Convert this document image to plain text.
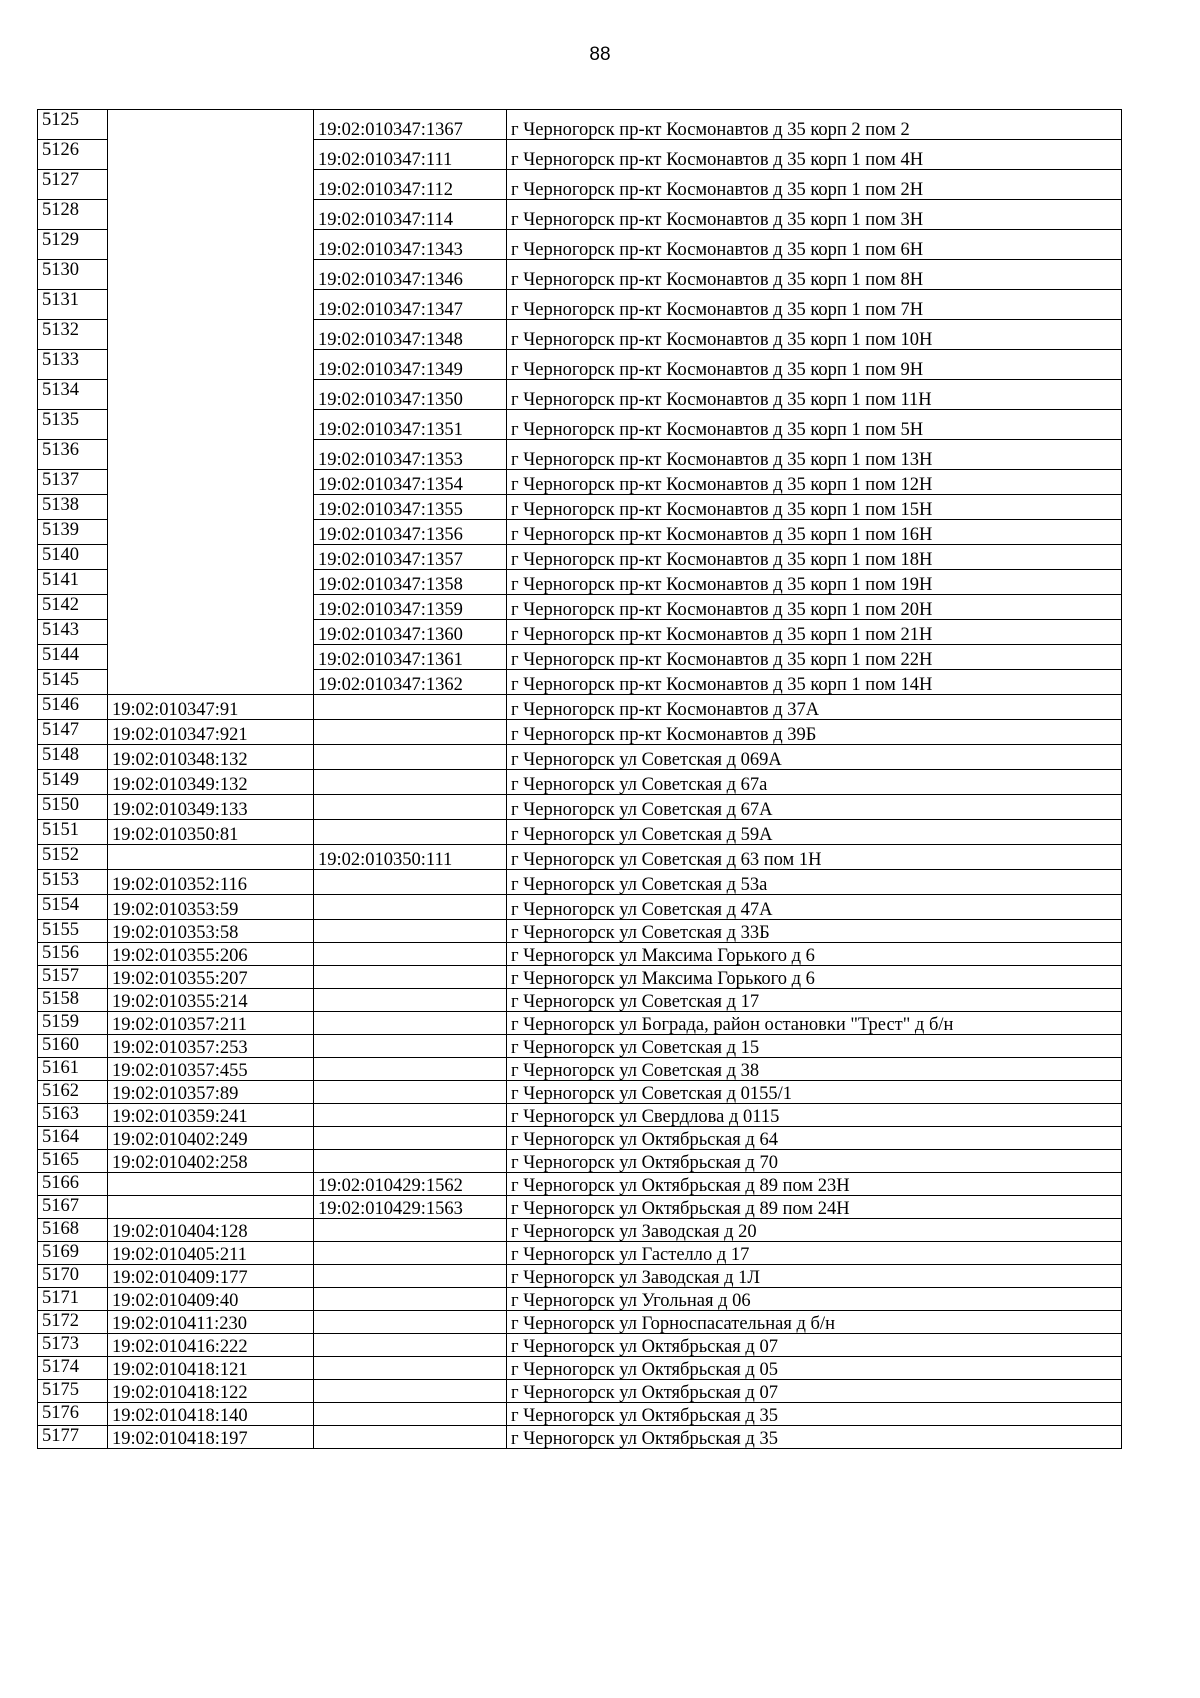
88
5125		19:02:010347:1367	г Черногорск пр-кт Космонавтов д 35 корп 2 пом 2
5126		19:02:010347:111	г Черногорск пр-кт Космонавтов д 35 корп 1 пом 4Н
5127		19:02:010347:112	г Черногорск пр-кт Космонавтов д 35 корп 1 пом 2Н
5128		19:02:010347:114	г Черногорск пр-кт Космонавтов д 35 корп 1 пом 3Н
5129		19:02:010347:1343	г Черногорск пр-кт Космонавтов д 35 корп 1 пом 6Н
5130		19:02:010347:1346	г Черногорск пр-кт Космонавтов д 35 корп 1 пом 8Н
5131		19:02:010347:1347	г Черногорск пр-кт Космонавтов д 35 корп 1 пом 7Н
5132		19:02:010347:1348	г Черногорск пр-кт Космонавтов д 35 корп 1 пом 10Н
5133		19:02:010347:1349	г Черногорск пр-кт Космонавтов д 35 корп 1 пом 9Н
5134		19:02:010347:1350	г Черногорск пр-кт Космонавтов д 35 корп 1 пом 11Н
5135		19:02:010347:1351	г Черногорск пр-кт Космонавтов д 35 корп 1 пом 5Н
5136		19:02:010347:1353	г Черногорск пр-кт Космонавтов д 35 корп 1 пом 13Н
5137		19:02:010347:1354	г Черногорск пр-кт Космонавтов д 35 корп 1 пом 12Н
5138		19:02:010347:1355	г Черногорск пр-кт Космонавтов д 35 корп 1 пом 15Н
5139		19:02:010347:1356	г Черногорск пр-кт Космонавтов д 35 корп 1 пом 16Н
5140		19:02:010347:1357	г Черногорск пр-кт Космонавтов д 35 корп 1 пом 18Н
5141		19:02:010347:1358	г Черногорск пр-кт Космонавтов д 35 корп 1 пом 19Н
5142		19:02:010347:1359	г Черногорск пр-кт Космонавтов д 35 корп 1 пом 20Н
5143		19:02:010347:1360	г Черногорск пр-кт Космонавтов д 35 корп 1 пом 21Н
5144		19:02:010347:1361	г Черногорск пр-кт Космонавтов д 35 корп 1 пом 22Н
5145		19:02:010347:1362	г Черногорск пр-кт Космонавтов д 35 корп 1 пом 14Н
5146	19:02:010347:91		г Черногорск пр-кт Космонавтов д 37А
5147	19:02:010347:921		г Черногорск пр-кт Космонавтов д 39Б
5148	19:02:010348:132		г Черногорск ул Советская д 069А
5149	19:02:010349:132		г Черногорск ул Советская д 67а
5150	19:02:010349:133		г Черногорск ул Советская д 67А
5151	19:02:010350:81		г Черногорск ул Советская д 59А
5152		19:02:010350:111	г Черногорск ул Советская д 63 пом 1Н
5153	19:02:010352:116		г Черногорск ул Советская д 53а
5154	19:02:010353:59		г Черногорск ул Советская д 47А
5155	19:02:010353:58		г Черногорск ул Советская д 33Б
5156	19:02:010355:206		г Черногорск ул Максима Горького д 6
5157	19:02:010355:207		г Черногорск ул Максима Горького д 6
5158	19:02:010355:214		г Черногорск ул Советская д 17
5159	19:02:010357:211		г Черногорск ул Бограда, район остановки "Трест" д б/н
5160	19:02:010357:253		г Черногорск ул Советская д 15
5161	19:02:010357:455		г Черногорск ул Советская д 38
5162	19:02:010357:89		г Черногорск ул Советская д 0155/1
5163	19:02:010359:241		г Черногорск ул Свердлова д 0115
5164	19:02:010402:249		г Черногорск ул Октябрьская д 64
5165	19:02:010402:258		г Черногорск ул Октябрьская д 70
5166		19:02:010429:1562	г Черногорск ул Октябрьская д 89 пом 23Н
5167		19:02:010429:1563	г Черногорск ул Октябрьская д 89 пом 24Н
5168	19:02:010404:128		г Черногорск ул Заводская д 20
5169	19:02:010405:211		г Черногорск ул Гастелло д 17
5170	19:02:010409:177		г Черногорск ул Заводская д 1Л
5171	19:02:010409:40		г Черногорск ул Угольная д 06
5172	19:02:010411:230		г Черногорск ул Горноспасательная д б/н
5173	19:02:010416:222		г Черногорск ул Октябрьская д 07
5174	19:02:010418:121		г Черногорск ул Октябрьская д 05
5175	19:02:010418:122		г Черногорск ул Октябрьская д 07
5176	19:02:010418:140		г Черногорск ул Октябрьская д 35
5177	19:02:010418:197		г Черногорск ул Октябрьская д 35
